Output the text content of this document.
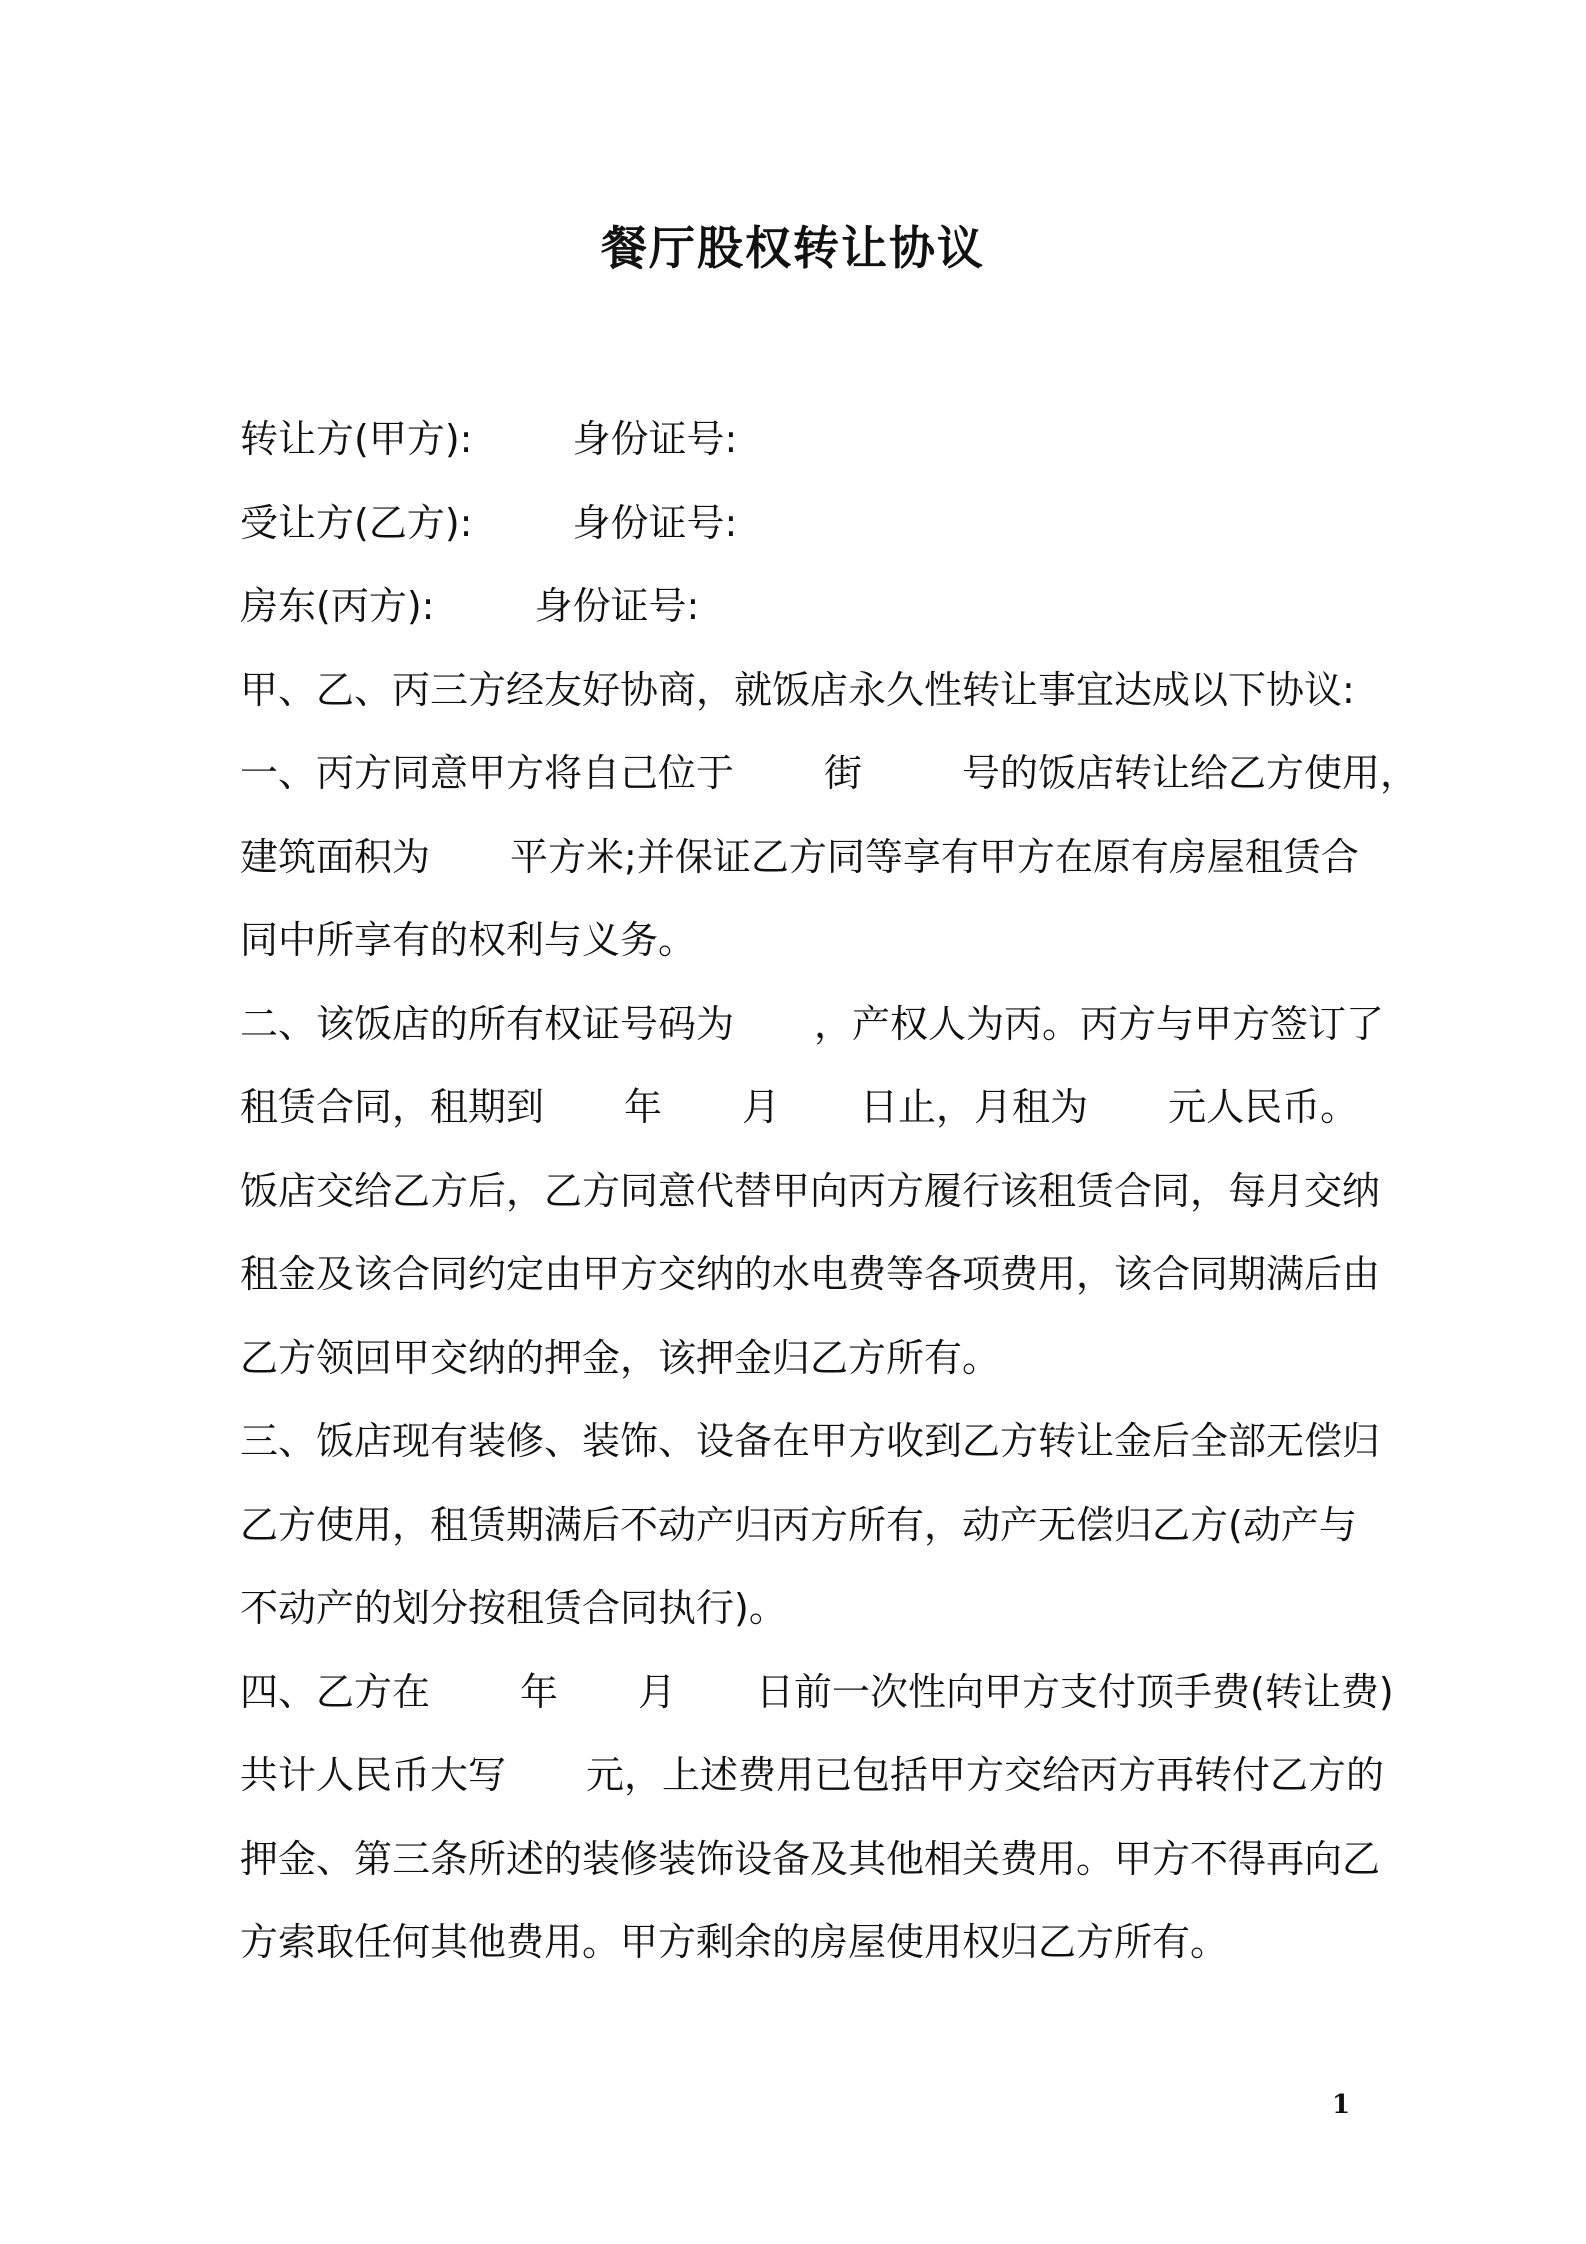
餐厅股权转让协议
转让方(甲方):	身份证号:
受让方(乙方):	身份证号:
房东(丙方):	身份证号:
甲、乙、丙三方经友好协商，就饭店永久性转让事宜达成以下协议:
一、丙方同意甲方将自己位于 街	号的饭店转让给乙方使用，
建筑面积为 平方米;并保证乙方同等享有甲方在原有房屋租赁合
同中所享有的权利与义务。
二、该饭店的所有权证号码为 ，产权人为丙。丙方与甲方签订了
租赁合同，租期到 年 月 日止，月租为 元人民币。
饭店交给乙方后，乙方同意代替甲向丙方履行该租赁合同，每月交纳
租金及该合同约定由甲方交纳的水电费等各项费用，该合同期满后由
乙方领回甲交纳的押金，该押金归乙方所有。
三、饭店现有装修、装饰、设备在甲方收到乙方转让金后全部无偿归
乙方使用，租赁期满后不动产归丙方所有，动产无偿归乙方(动产与
不动产的划分按租赁合同执行)。
四、乙方在 年 月 日前一次性向甲方支付顶手费(转让费)
共计人民币大写 元，上述费用已包括甲方交给丙方再转付乙方的
押金、第三条所述的装修装饰设备及其他相关费用。甲方不得再向乙
方索取任何其他费用。甲方剩余的房屋使用权归乙方所有。
1
